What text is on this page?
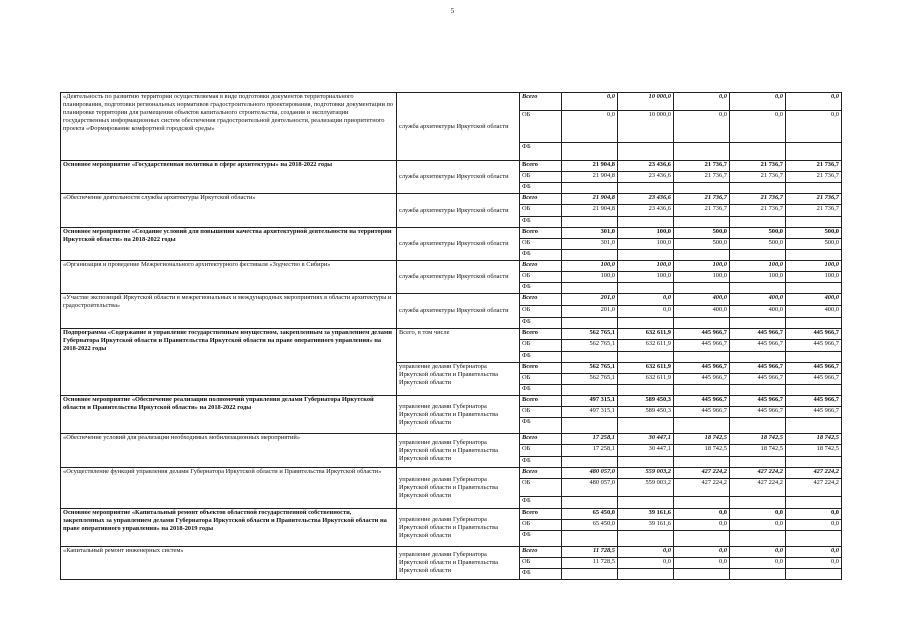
5
«Деятельность по развитию территории осуществляемая в виде подготовки документов территориального планирования, подготовки региональных нормативов градостроительного проектирования, подготовки документации по планировке территории для размещения объектов капитального строительства, создания и эксплуатации государственных информационных систем обеспечения градостроительной деятельности, реализации приоритетного проекта «Формирование комфортной городской среды»	служба архитектуры Иркутской области	Всего	0,0	10 000,0	0,0	0,0	0,0
		ОБ	0,0	10 000,0	0,0	0,0	0,0
		ФБ					
Основное мероприятие «Государственная политика в сфере архитектуры» на 2018-2022 годы	служба архитектуры Иркутской области	Всего	21 904,8	23 436,6	21 736,7	21 736,7	21 736,7
		ОБ	21 904,8	23 436,6	21 736,7	21 736,7	21 736,7
		ФБ					
«Обеспечение деятельности службы архитектуры Иркутской области»	служба архитектуры Иркутской области	Всего	21 904,8	23 436,6	21 736,7	21 736,7	21 736,7
		ОБ	21 904,8	23 436,6	21 736,7	21 736,7	21 736,7
		ФБ					
Основное мероприятие «Создание условий для повышения качества архитектурной деятельности на территории Иркутской области» на 2018-2022 годы	служба архитектуры Иркутской области	Всего	301,0	100,0	500,0	500,0	500,0
		ОБ	301,0	100,0	500,0	500,0	500,0
		ФБ					
«Организация и проведение Межрегионального архитектурного фестиваля «Зодчество в Сибири»	служба архитектуры Иркутской области	Всего	100,0	100,0	100,0	100,0	100,0
		ОБ	100,0	100,0	100,0	100,0	100,0
		ФБ					
«Участие экспозиций Иркутской области в межрегиональных и международных мероприятиях в области архитектуры и градостроительства»	служба архитектуры Иркутской области	Всего	201,0	0,0	400,0	400,0	400,0
		ОБ	201,0	0,0	400,0	400,0	400,0
		ФБ					
Подпрограмма «Содержание и управление государственным имуществом, закрепленным за управлением делами Губернатора Иркутской области и Правительства Иркутской области на праве оперативного управления» на 2018-2022 годы	Всего, в том числе	Всего	562 765,1	632 611,9	445 966,7	445 966,7	445 966,7
		ОБ	562 765,1	632 611,9	445 966,7	445 966,7	445 966,7
		ФБ					
	управление делами Губернатора Иркутской области и Правительства Иркутской области	Всего	562 765,1	632 611,9	445 966,7	445 966,7	445 966,7
		ОБ	562 765,1	632 611,9	445 966,7	445 966,7	445 966,7
		ФБ					
Основное мероприятие «Обеспечение реализации полномочий управления делами Губернатора Иркутской области и Правительства Иркутской области» на 2018-2022 годы	управление делами Губернатора Иркутской области и Правительства Иркутской области	Всего	497 315,1	589 450,3	445 966,7	445 966,7	445 966,7
		ОБ	497 315,1	589 450,3	445 966,7	445 966,7	445 966,7
		ФБ					
«Обеспечение условий для реализации необходимых мобилизационных мероприятий»	управление делами Губернатора Иркутской области и Правительства Иркутской области	Всего	17 258,1	30 447,1	18 742,5	18 742,5	18 742,5
		ОБ	17 258,1	30 447,1	18 742,5	18 742,5	18 742,5
		ФБ					
«Осуществление функций управления делами Губернатора Иркутской области и Правительства Иркутской области»	управление делами Губернатора Иркутской области и Правительства Иркутской области	Всего	480 057,0	559 003,2	427 224,2	427 224,2	427 224,2
		ОБ	480 057,0	559 003,2	427 224,2	427 224,2	427 224,2
		ФБ					
Основное мероприятие «Капитальный ремонт объектов областной государственной собственности, закрепленных за управлением делами Губернатора Иркутской области и Правительства Иркутской области на праве оперативного управления» на 2018-2019 годы	управление делами Губернатора Иркутской области и Правительства Иркутской области	Всего	65 450,0	39 161,6	0,0	0,0	0,0
		ОБ	65 450,0	39 161,6	0,0	0,0	0,0
		ФБ					
«Капитальный ремонт инженерных систем»	управление делами Губернатора Иркутской области и Правительства Иркутской области	Всего	11 728,5	0,0	0,0	0,0	0,0
		ОБ	11 728,5	0,0	0,0	0,0	0,0
		ФБ					
